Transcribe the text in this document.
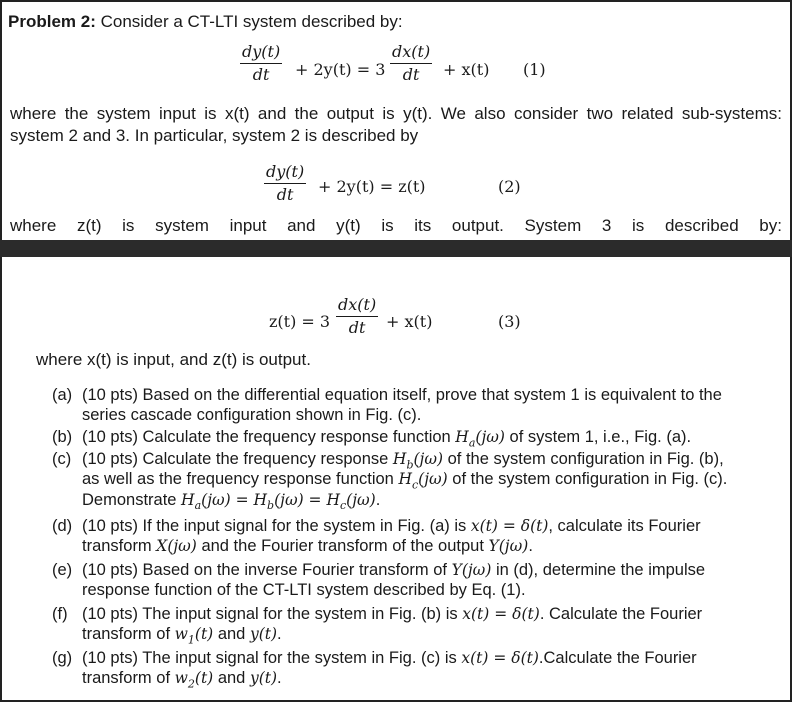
Problem 2: Consider a CT-LTI system described by:
$\frac{dy(t)}{dt} + 2y(t) = 3 \frac{dx(t)}{dt} + x(t)$ (1)
where the system input is x(t) and the output is y(t). We also consider two related sub-systems:
system 2 and 3. In particular, system 2 is described by
$\frac{dy(t)}{dt} + 2y(t) = z(t)$	(2)
where z(t) is system input and y(t) is its output. System 3 is described by:
$z(t) = 3 \frac{dx(t)}{dt} + x(t)$	(3)
where x(t) is input, and z(t) is output.
(a) (10 pts) Based on the differential equation itself, prove that system 1 is equivalent to the
series cascade configuration shown in Fig. (c).
(b) (10 pts) Calculate the frequency response function $H_a(j\omega)$ of system 1, i.e., Fig. (a).
(c) (10 pts) Calculate the frequency response $H_b(j\omega)$ of the system configuration in Fig. (b),
as well as the frequency response function $H_c(j\omega)$ of the system configuration in Fig. (c).
Demonstrate $H_a(j\omega) = H_b(j\omega) = H_c(j\omega)$.
(d) (10 pts) If the input signal for the system in Fig. (a) is x(t) = δ(t), calculate its Fourier
transform X(jω) and the Fourier transform of the output Y(jω).
(e) (10 pts) Based on the inverse Fourier transform of Y(jω) in (d), determine the impulse
response function of the CT-LTI system described by Eq. (1).
(f) (10 pts) The input signal for the system in Fig. (b) is x(t) = δ(t). Calculate the Fourier
transform of $w_1(t)$ and y(t).
(g) (10 pts) The input signal for the system in Fig. (c) is x(t) = δ(t).Calculate the Fourier
transform of $w_2(t)$ and y(t).
